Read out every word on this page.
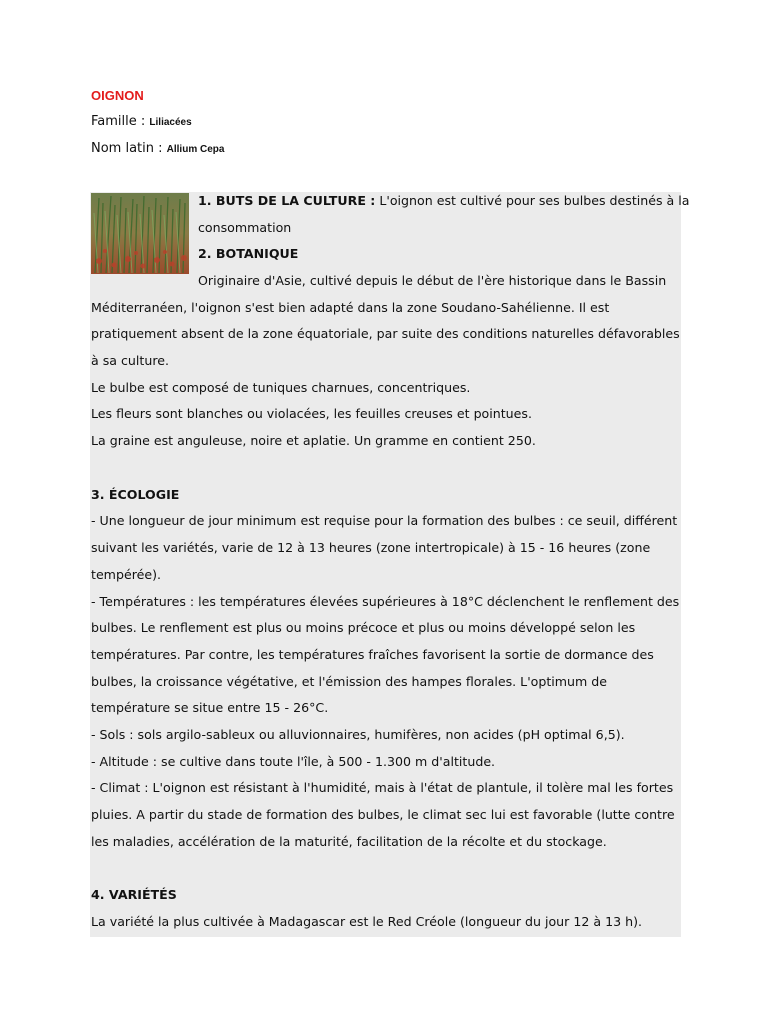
OIGNON
Famille : Liliacées
Nom latin : Allium Cepa
1. BUTS DE LA CULTURE : L'oignon est cultivé pour ses bulbes destinés à la
consommation
2. BOTANIQUE
Originaire d'Asie, cultivé depuis le début de l'ère historique dans le Bassin
Méditerranéen, l'oignon s'est bien adapté dans la zone Soudano-Sahélienne. Il est
pratiquement absent de la zone équatoriale, par suite des conditions naturelles défavorables
à sa culture.
Le bulbe est composé de tuniques charnues, concentriques.
Les fleurs sont blanches ou violacées, les feuilles creuses et pointues.
La graine est anguleuse, noire et aplatie. Un gramme en contient 250.
3. ÉCOLOGIE
- Une longueur de jour minimum est requise pour la formation des bulbes : ce seuil, différent
suivant les variétés, varie de 12 à 13 heures (zone intertropicale) à 15 - 16 heures (zone
tempérée).
- Températures : les températures élevées supérieures à 18°C déclenchent le renflement des
bulbes. Le renflement est plus ou moins précoce et plus ou moins développé selon les
températures. Par contre, les températures fraîches favorisent la sortie de dormance des
bulbes, la croissance végétative, et l'émission des hampes florales. L'optimum de
température se situe entre 15 - 26°C.
- Sols : sols argilo-sableux ou alluvionnaires, humifères, non acides (pH optimal 6,5).
- Altitude : se cultive dans toute l'île, à 500 - 1.300 m d'altitude.
- Climat : L'oignon est résistant à l'humidité, mais à l'état de plantule, il tolère mal les fortes
pluies. A partir du stade de formation des bulbes, le climat sec lui est favorable (lutte contre
les maladies, accélération de la maturité, facilitation de la récolte et du stockage.
4. VARIÉTÉS
La variété la plus cultivée à Madagascar est le Red Créole (longueur du jour 12 à 13 h).
